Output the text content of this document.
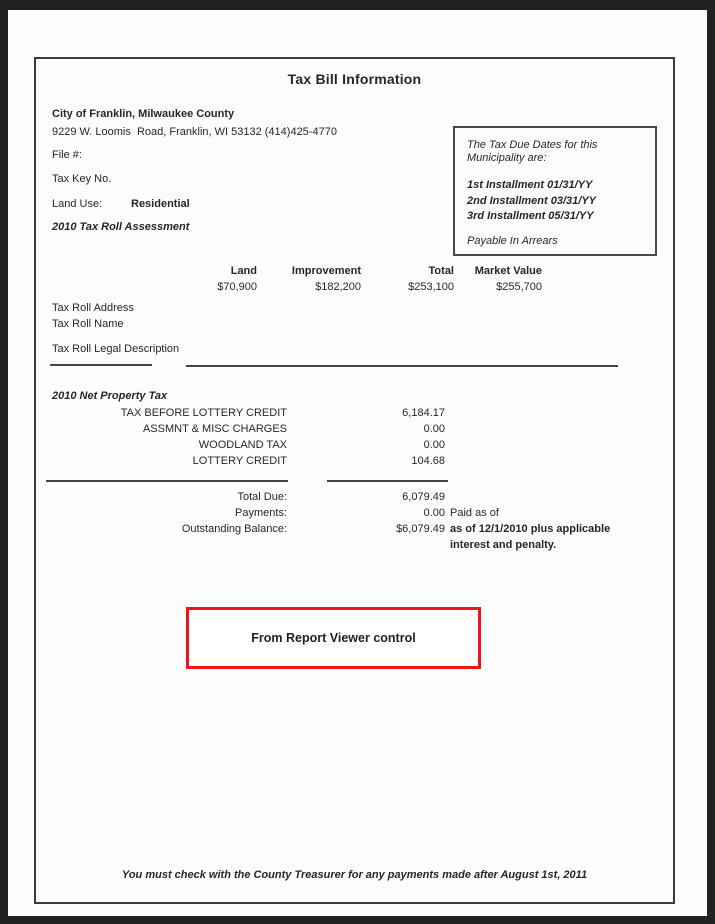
Tax Bill Information
City of Franklin, Milwaukee County
9229 W. Loomis  Road, Franklin, WI 53132 (414)425-4770
File #:
Tax Key No.
Land Use:	Residential
2010 Tax Roll Assessment
The Tax Due Dates for this
Municipality are:
1st Installment 01/31/YY
2nd Installment 03/31/YY
3rd Installment 05/31/YY
Payable In Arrears
Land	Improvement	Total	Market Value
$70,900	$182,200	$253,100	$255,700
Tax Roll Address
Tax Roll Name
Tax Roll Legal Description
2010 Net Property Tax
TAX BEFORE LOTTERY CREDIT	6,184.17
ASSMNT & MISC CHARGES	0.00
WOODLAND TAX	0.00
LOTTERY CREDIT	104.68
Total Due:	6,079.49
Payments:	0.00 Paid as of
Outstanding Balance:	$6,079.49 as of 12/1/2010 plus applicable
interest and penalty.
From Report Viewer control
You must check with the County Treasurer for any payments made after August 1st, 2011
